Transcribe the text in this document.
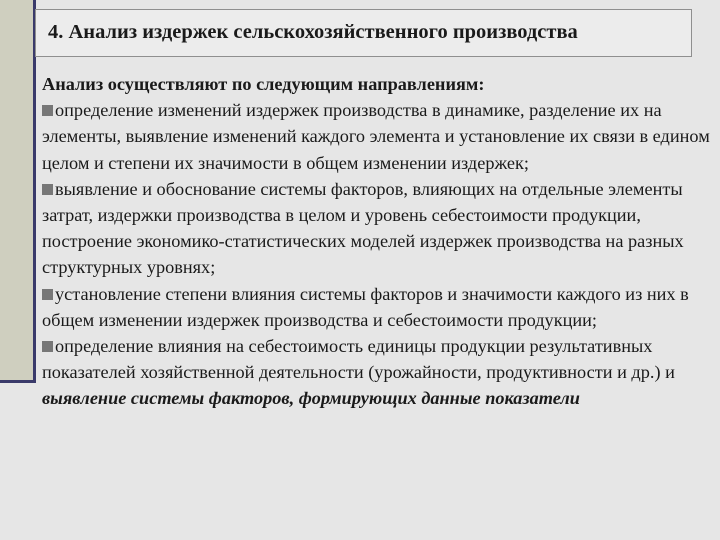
4. Анализ издержек сельскохозяйственного производства
Анализ осуществляют по следующим направлениям:
определение изменений издержек производства в динамике, разделение их на элементы, выявление изменений каждого элемента и установление их связи в едином целом и степени их значимости в общем изменении издержек;
выявление и обоснование системы факторов, влияющих на отдельные элементы затрат, издержки производства в целом и уровень себестоимости продукции, построение экономико-статистических моделей издержек производства на разных структурных уровнях;
установление степени влияния системы факторов и значимости каждого из них в общем изменении издержек производства и себестоимости продукции;
определение влияния на себестоимость единицы продукции результативных показателей хозяйственной деятельности (урожайности, продуктивности и др.) и выявление системы факторов, формирующих данные показатели
